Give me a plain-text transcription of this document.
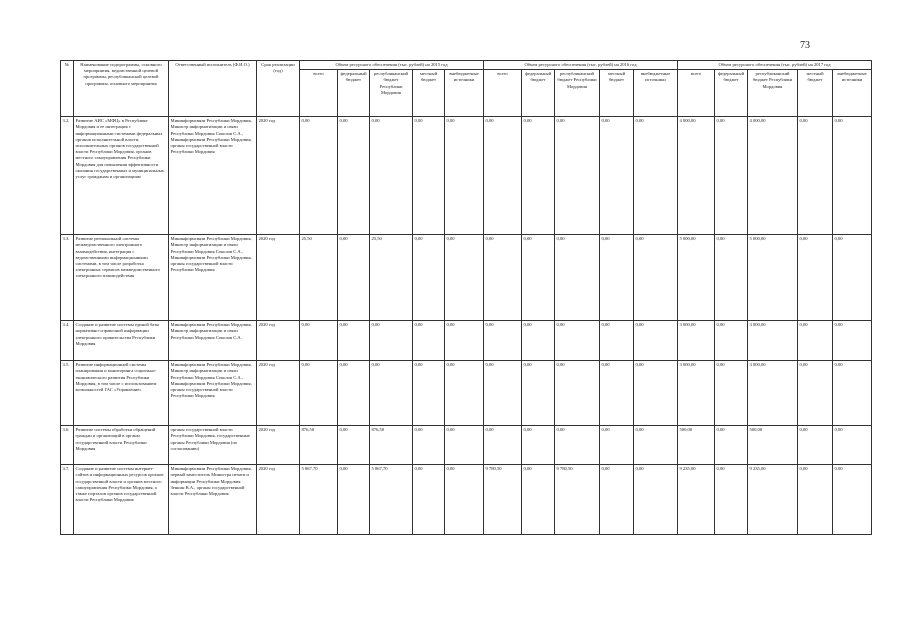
73
№	Наименование подпрограммы, основного мероприятия, ведомственной целевой программы, республиканской целевой программы, основного мероприятия	Ответственный исполнитель (Ф.И.О.)	Срок реализации (год)	Объем ресурсного обеспечения (тыс. рублей) на 2015 год					Объем ресурсного обеспечения (тыс. рублей) на 2016 год					Объем ресурсного обеспечения (тыс. рублей) на 2017 год				
				всего	федеральный бюджет	республиканский бюджет Республики Мордовия	местный бюджет	внебюджетные источники	всего	федеральный бюджет	республиканский бюджет Республики Мордовия	местный бюджет	внебюджетные источники	всего	федеральный бюджет	республиканский бюджет Республики Мордовия	местный бюджет	внебюджетные источники
3.2.	Развитие АИС «МФЦ» в Республике Мордовия и ее интеграция с информационными системами федеральных органов исполнительной власти, исполнительных органов государственной власти Республики Мордовия, органов местного самоуправления Республики Мордовия для повышения эффективности оказания государственных и муниципальных услуг гражданам и организациям	Мининформсвязи Республики Мордовия, Министр информатизации и связи Республики Мордовия Соколов С.А., Мининформсвязи Республики Мордовия, органы государственной власти Республики Мордовия	2020 год	0,00	0,00	0,00	0,00	0,00	0,00	0,00	0,00	0,00	0,00	4 000,00	0,00	4 000,00	0,00	0,00
3.3.	Развитие региональной системы межведомственного электронного взаимодействия, интеграция с ведомственными информационными системами, в том числе разработка электронных сервисов межведомственного электронного взаимодействия	Мининформсвязи Республики Мордовия, Министр информатизации и связи Республики Мордовия Соколов С.А., Мининформсвязи Республики Мордовия, органы государственной власти Республики Мордовия	2020 год	25,50	0,00	25,50	0,00	0,00	0,00	0,00	0,00	0,00	0,00	5 000,00	0,00	5 000,00	0,00	0,00
3.4.	Создание и развитие системы единой базы нормативно-справочной информации электронного правительства Республики Мордовия	Мининформсвязи Республики Мордовия, Министр информатизации и связи Республики Мордовия Соколов С.А.	2020 год	0,00	0,00	0,00	0,00	0,00	0,00	0,00	0,00	0,00	0,00	3 000,00	0,00	3 000,00	0,00	0,00
3.5.	Развитие информационной системы планирования и мониторинга социально-экономического развития Республики Мордовия, в том числе с использованием возможностей ГАС «Управление»	Мининформсвязи Республики Мордовия, Министр информатизации и связи Республики Мордовия Соколов С.А., Мининформсвязи Республики Мордовия, органы государственной власти Республики Мордовия	2020 год	0,00	0,00	0,00	0,00	0,00	0,00	0,00	0,00	0,00	0,00	3 000,00	0,00	3 000,00	0,00	0,00
3.6.	Развитие системы обработки обращений граждан и организаций в органы государственной власти Республики Мордовия	органы государственной власти Республики Мордовия, государственные органы Республики Мордовия (по согласованию)	2020 год	876,50	0,00	876,50	0,00	0,00	0,00	0,00	0,00	0,00	0,00	500,00	0,00	500,00	0,00	0,00
3.7.	Создание и развитие системы интернет-сайтов и информационных ресурсов органов государственной власти и органов местного самоуправления Республики Мордовия, а также порталов органов государственной власти Республики Мордовия	Мининформсвязи Республики Мордовия, первый заместитель Министра печати и информации Республики Мордовия Зенкин В.А., органы государственной власти Республики Мордовия	2020 год	5 867,70	0,00	5 867,70	0,00	0,00	9 780,50	0,00	9 780,50	0,00	0,00	9 235,00	0,00	9 235,00	0,00	0,00
